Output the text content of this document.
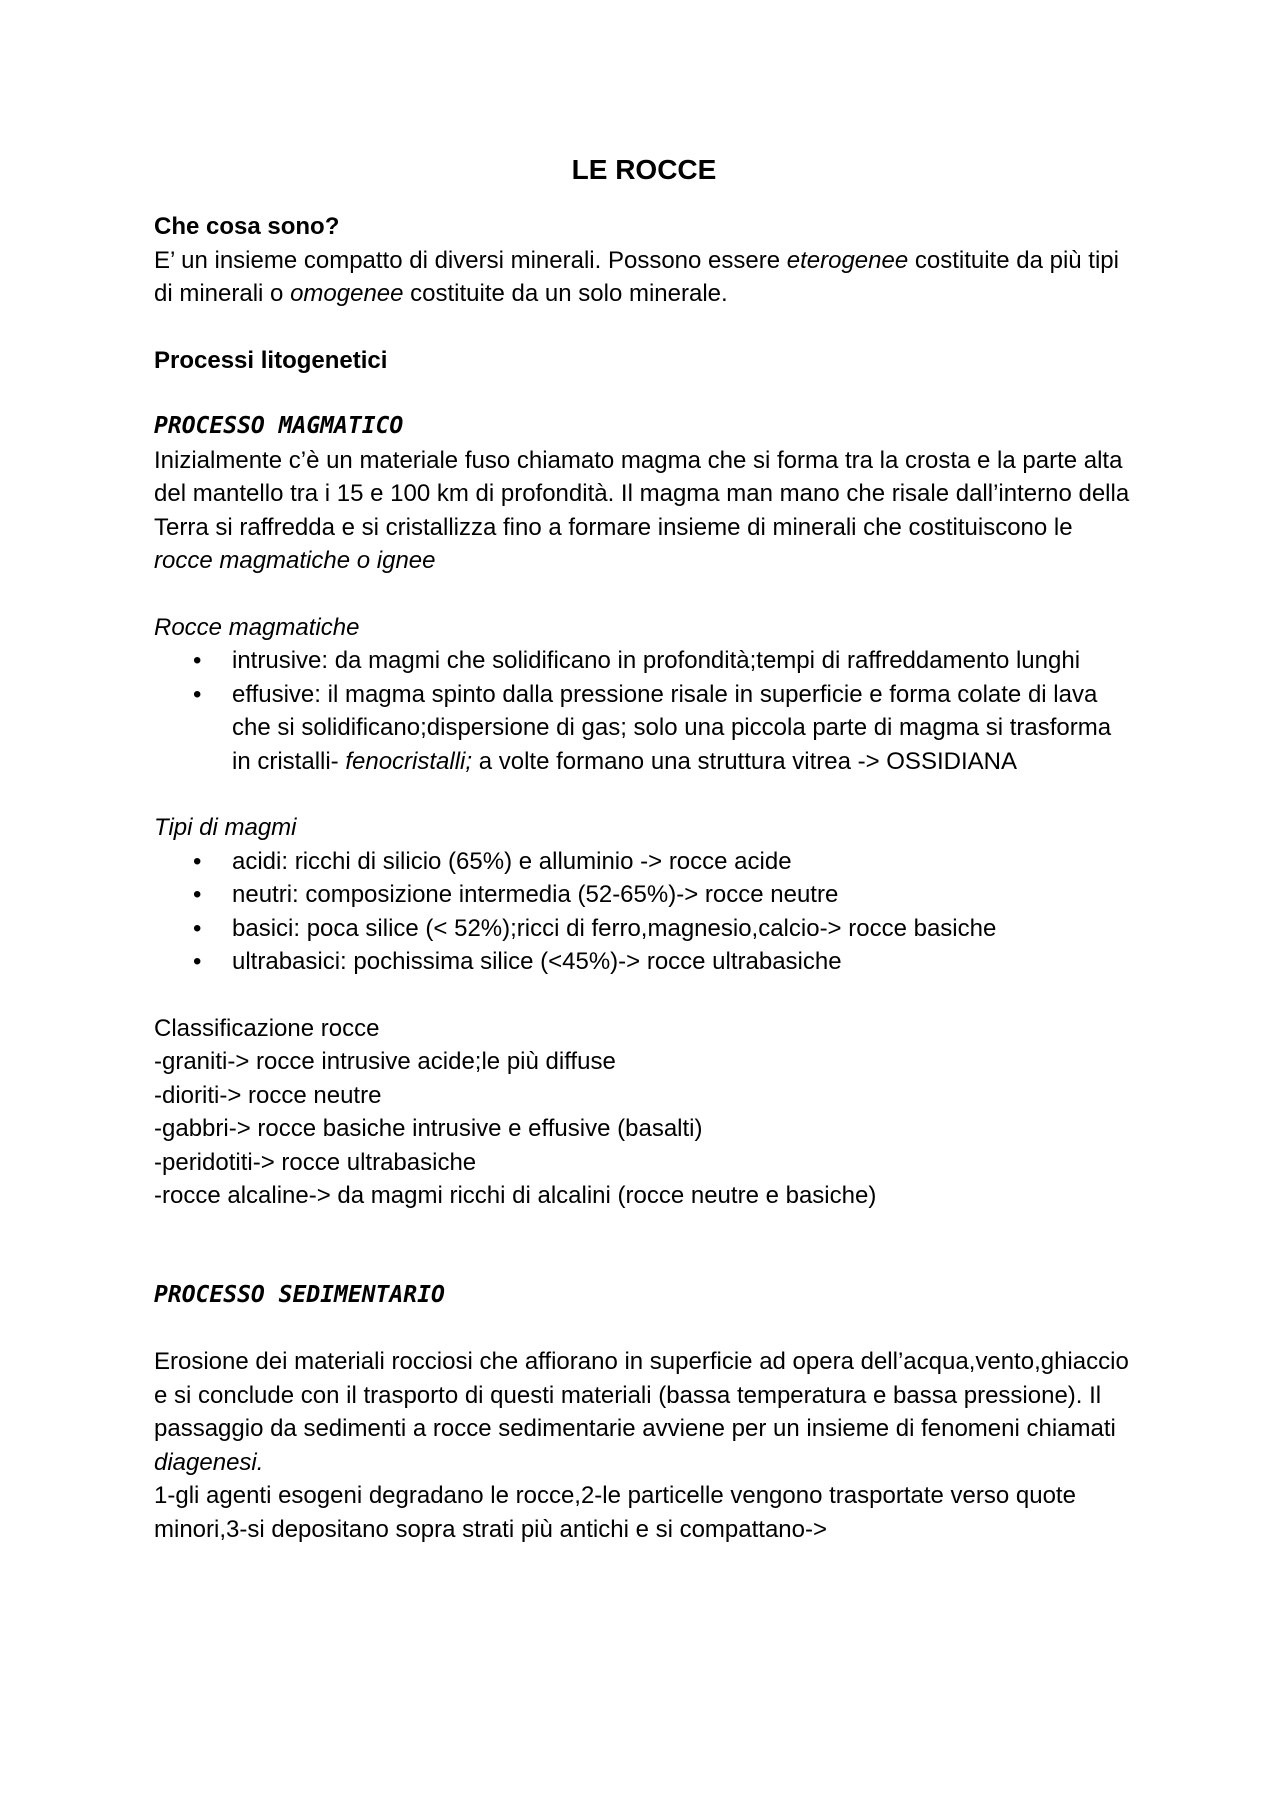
LE ROCCE

Che cosa sono?

E’ un insieme compatto di diversi minerali. Possono essere eterogenee costituite da più tipi di minerali o omogenee costituite da un solo minerale.

Processi litogenetici

PROCESSO MAGMATICO

Inizialmente c’è un materiale fuso chiamato magma che si forma tra la crosta e la parte alta del mantello tra i 15 e 100 km di profondità. Il magma man mano che risale dall’interno della Terra si raffredda e si cristallizza fino a formare insieme di minerali che costituiscono le rocce magmatiche o ignee

Rocce magmatiche

• intrusive: da magmi che solidificano in profondità;tempi di raffreddamento lunghi
• effusive: il magma spinto dalla pressione risale in superficie e forma colate di lava che si solidificano;dispersione di gas; solo una piccola parte di magma si trasforma in cristalli- fenocristalli; a volte formano una struttura vitrea -> OSSIDIANA

Tipi di magmi

• acidi: ricchi di silicio (65%) e alluminio -> rocce acide
• neutri: composizione intermedia (52-65%)-> rocce neutre
• basici: poca silice (< 52%);ricci di ferro,magnesio,calcio-> rocce basiche
• ultrabasici: pochissima silice (<45%)-> rocce ultrabasiche

Classificazione rocce

-graniti-> rocce intrusive acide;le più diffuse

-dioriti-> rocce neutre

-gabbri-> rocce basiche intrusive e effusive (basalti)

-peridotiti-> rocce ultrabasiche

-rocce alcaline-> da magmi ricchi di alcalini (rocce neutre e basiche)

PROCESSO SEDIMENTARIO

Erosione dei materiali rocciosi che affiorano in superficie ad opera dell’acqua,vento,ghiaccio e si conclude con il trasporto di questi materiali (bassa temperatura e bassa pressione). Il passaggio da sedimenti a rocce sedimentarie avviene per un insieme di fenomeni chiamati diagenesi.

1-gli agenti esogeni degradano le rocce,2-le particelle vengono trasportate verso quote minori,3-si depositano sopra strati più antichi e si compattano->
